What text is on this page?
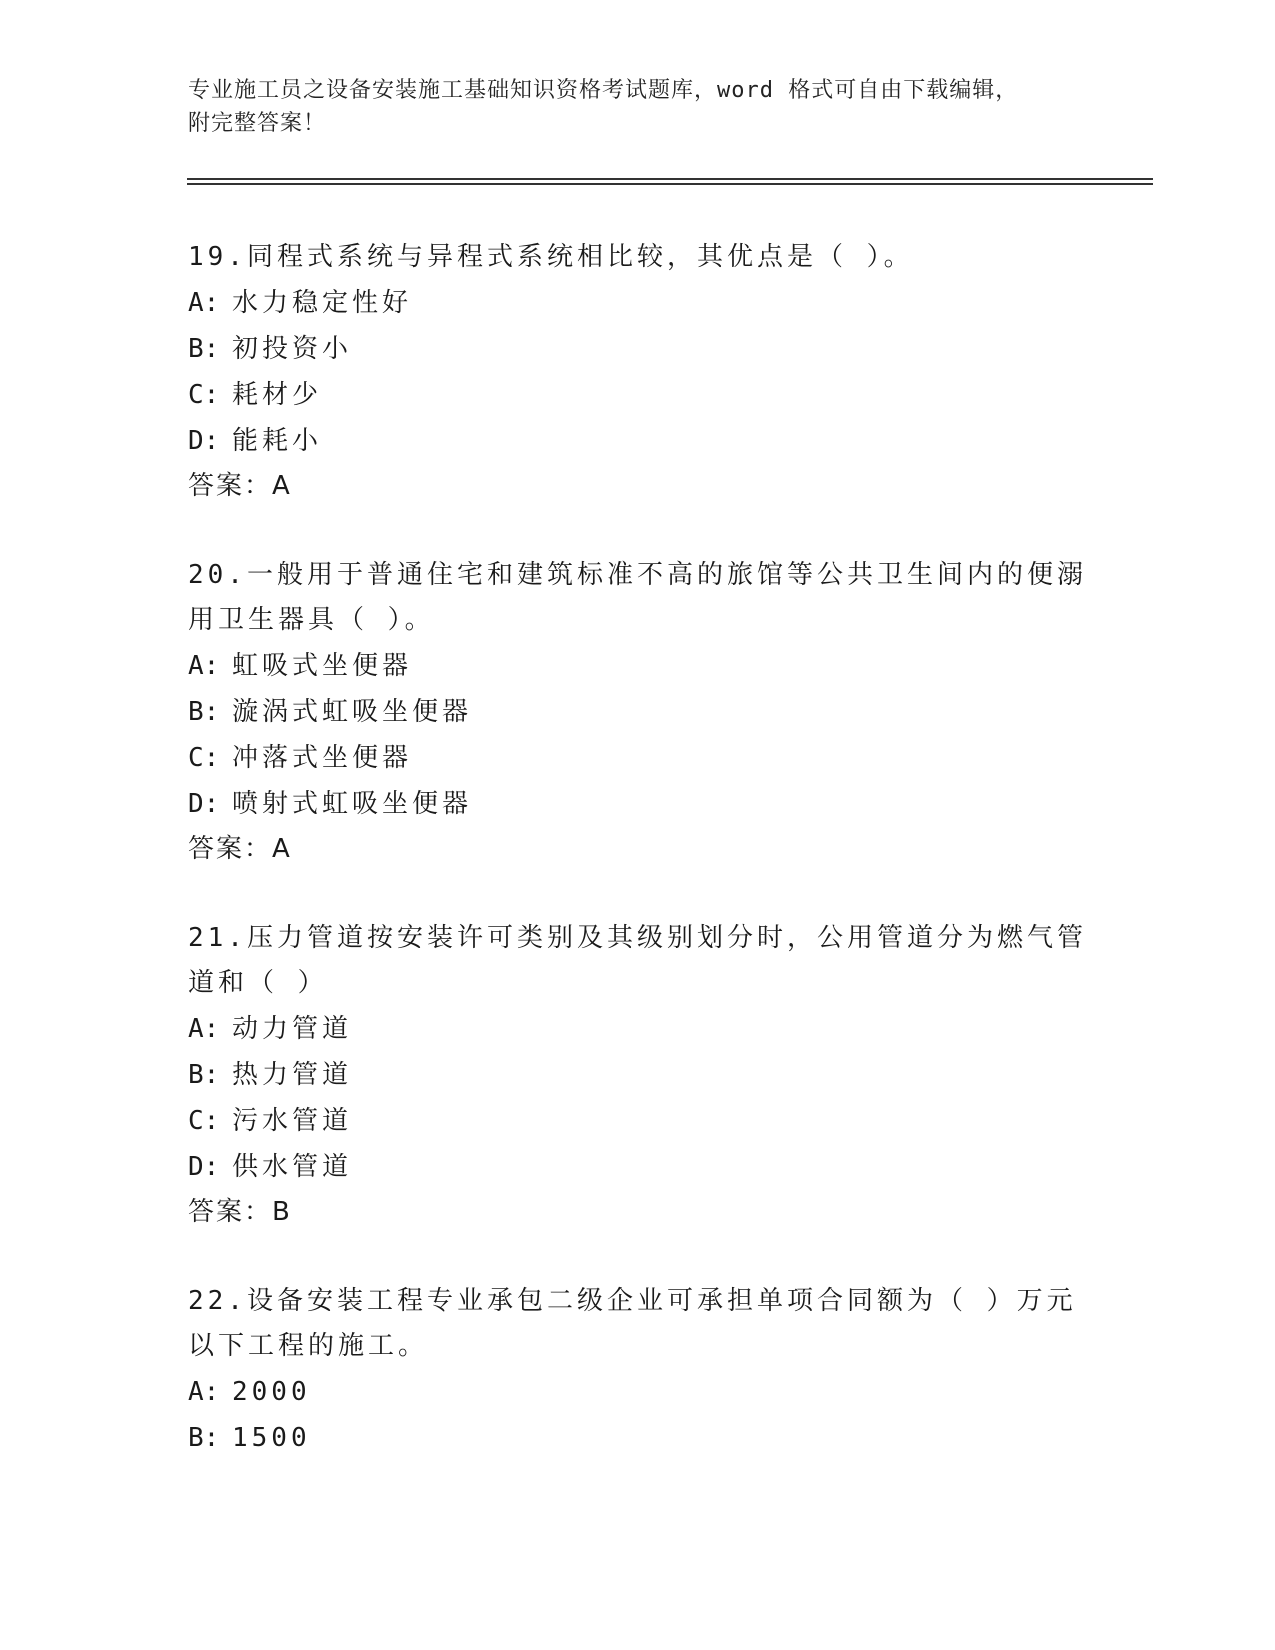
专业施工员之设备安装施工基础知识资格考试题库，word 格式可自由下载编辑，
附完整答案！

19.同程式系统与异程式系统相比较，其优点是（ ）。

A: 水力稳定性好

B: 初投资小

C: 耗材少

D: 能耗小

答案：A

20.一般用于普通住宅和建筑标准不高的旅馆等公共卫生间内的便溺用卫生器具（ ）。

A: 虹吸式坐便器

B: 漩涡式虹吸坐便器

C: 冲落式坐便器

D: 喷射式虹吸坐便器

答案：A

21.压力管道按安装许可类别及其级别划分时，公用管道分为燃气管道和（ ）

A: 动力管道

B: 热力管道

C: 污水管道

D: 供水管道

答案：B

22.设备安装工程专业承包二级企业可承担单项合同额为（ ）万元以下工程的施工。

A: 2000

B: 1500
